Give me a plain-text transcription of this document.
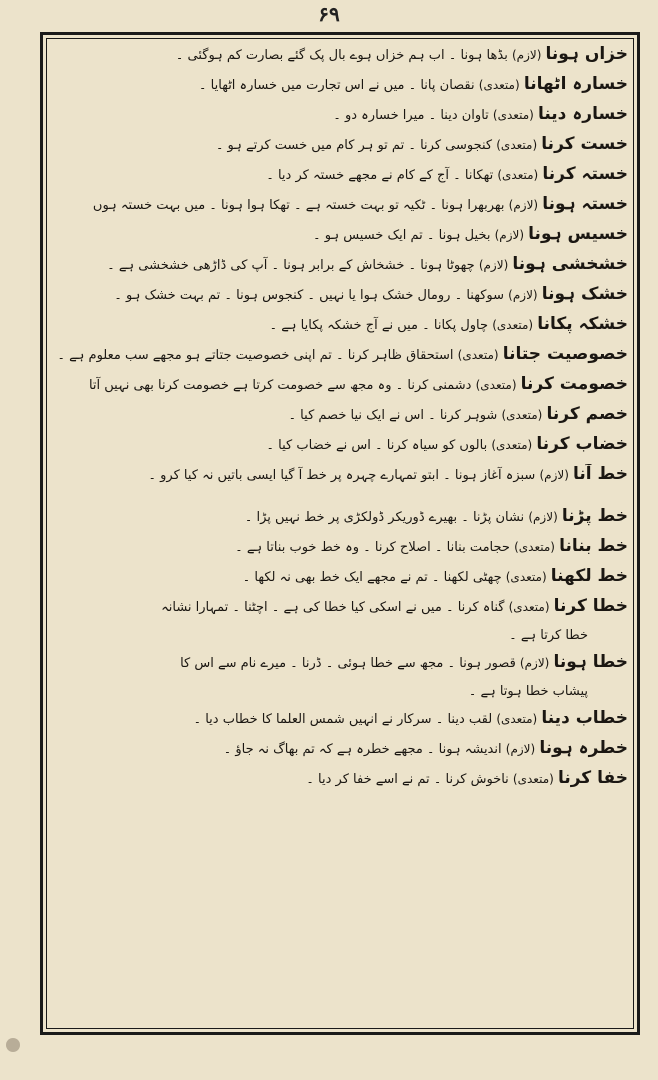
۶۹
خزاں ہونا (لازم) بڈھا ہونا ۔ اب ہم خزاں ہوے بال پک گئے بصارت کم ہوگئی ۔
خسارہ اٹھانا (متعدی) نقصان پانا ۔ میں نے اس تجارت میں خسارہ اٹھایا ۔
خسارہ دینا (متعدی) تاوان دینا ۔ میرا خسارہ دو ۔
خست کرنا (متعدی) کنجوسی کرنا ۔ تم تو ہر کام میں خست کرتے ہو ۔
خستہ کرنا (متعدی) تھکانا ۔ آج کے کام نے مجھے خستہ کر دیا ۔
خستہ ہونا (لازم) بھربھرا ہونا ۔ ٹکیہ تو بہت خستہ ہے ۔ تھکا ہوا ہونا ۔ میں بہت خستہ ہوں
خسیس ہونا (لازم) بخیل ہونا ۔ تم ایک خسیس ہو ۔
خشخشی ہونا (لازم) چھوٹا ہونا ۔ خشخاش کے برابر ہونا ۔ آپ کی ڈاڑھی خشخشی ہے ۔
خشک ہونا (لازم) سوکھنا ۔ رومال خشک ہوا یا نہیں ۔ کنجوس ہونا ۔ تم بہت خشک ہو ۔
خشکہ پکانا (متعدی) چاول پکانا ۔ میں نے آج خشکہ پکایا ہے ۔
خصوصیت جتانا (متعدی) استحقاق ظاہر کرنا ۔ تم اپنی خصوصیت جتاتے ہو مجھے سب معلوم ہے ۔
خصومت کرنا (متعدی) دشمنی کرنا ۔ وہ مجھ سے خصومت کرتا ہے خصومت کرنا بھی نہیں آتا
خصم کرنا (متعدی) شوہر کرنا ۔ اس نے ایک نیا خصم کیا ۔
خضاب کرنا (متعدی) بالوں کو سیاہ کرنا ۔ اس نے خضاب کیا ۔
خط آنا (لازم) سبزہ آغاز ہونا ۔ ابتو تمہارے چہرہ پر خط آ گیا ایسی باتیں نہ کیا کرو ۔
خط پڑنا (لازم) نشان پڑنا ۔ بھیرے ڈوریکر ڈولکڑی پر خط نہیں پڑا ۔
خط بنانا (متعدی) حجامت بنانا ۔ اصلاح کرنا ۔ وہ خط خوب بناتا ہے ۔
خط لکھنا (متعدی) چھٹی لکھنا ۔ تم نے مجھے ایک خط بھی نہ لکھا ۔
خطا کرنا (متعدی) گناہ کرنا ۔ میں نے اسکی کیا خطا کی ہے ۔ اچٹنا ۔ تمہارا نشانہ
خطا کرتا ہے ۔
خطا ہونا (لازم) قصور ہونا ۔ مجھ سے خطا ہوئی ۔ ڈرنا ۔ میرے نام سے اس کا
پیشاب خطا ہوتا ہے ۔
خطاب دینا (متعدی) لقب دینا ۔ سرکار نے انہیں شمس العلما کا خطاب دیا ۔
خطرہ ہونا (لازم) اندیشہ ہونا ۔ مجھے خطرہ ہے کہ تم بھاگ نہ جاؤ ۔
خفا کرنا (متعدی) ناخوش کرنا ۔ تم نے اسے خفا کر دیا ۔
